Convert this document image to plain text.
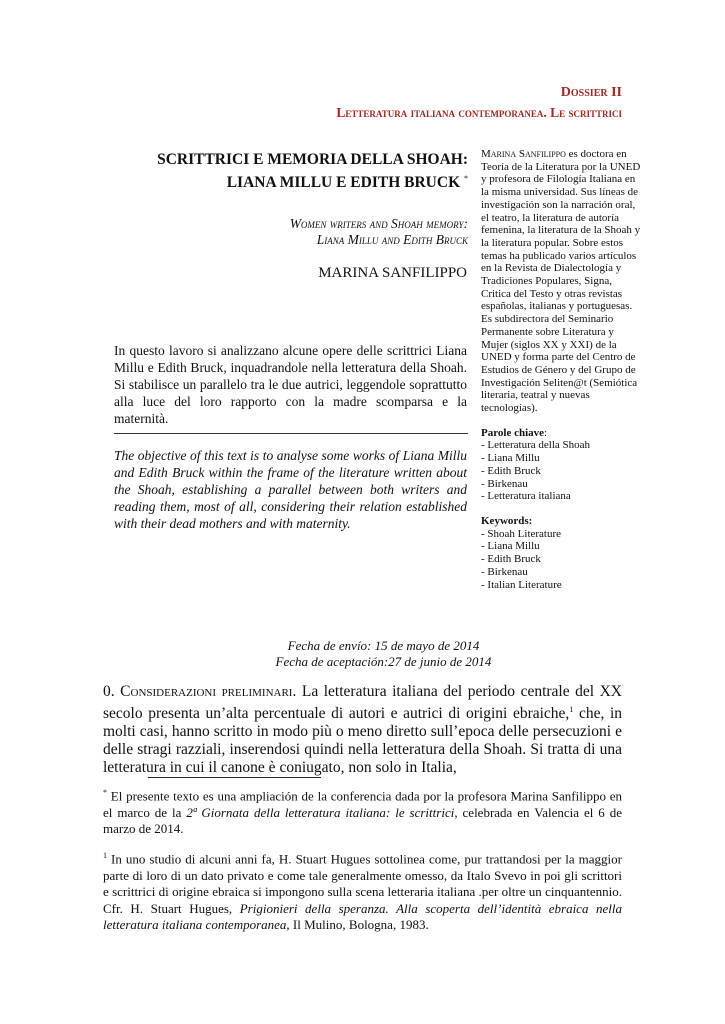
Dossier II
Letteratura italiana contemporanea. Le scrittrici
SCRITTRICI E MEMORIA DELLA SHOAH:
LIANA MILLU E EDITH BRUCK *
Women writers and Shoah memory:
Liana Millu and Edith Bruck
MARINA SANFILIPPO
In questo lavoro si analizzano alcune opere delle scrittrici Liana Millu e Edith Bruck, inquadrandole nella letteratura della Shoah. Si stabilisce un parallelo tra le due autrici, leggendole soprattutto alla luce del loro rapporto con la madre scomparsa e la maternità.
The objective of this text is to analyse some works of Liana Millu and Edith Bruck within the frame of the literature written about the Shoah, establishing a parallel between both writers and reading them, most of all, considering their relation established with their dead mothers and with maternity.

Marina Sanfilippo es doctora en Teoría de la Literatura por la UNED y profesora de Filología Italiana en la misma universidad. Sus líneas de investigación son la narración oral, el teatro, la literatura de autoría femenina, la literatura de la Shoah y la literatura popular. Sobre estos temas ha publicado varios artículos en la Revista de Dialectología y Tradiciones Populares, Signa, Critica del Testo y otras revistas españolas, italianas y portuguesas. Es subdirectora del Seminario Permanente sobre Literatura y Mujer (siglos XX y XXI) de la UNED y forma parte del Centro de Estudios de Género y del Grupo de Investigación Seliten@t (Semiótica literaria, teatral y nuevas tecnologías).

Parole chiave:
- Letteratura della Shoah
- Liana Millu
- Edith Bruck
- Birkenau
- Letteratura italiana
Keywords:
- Shoah Literature
- Liana Millu
- Edith Bruck
- Birkenau
- Italian Literature
Fecha de envío: 15 de mayo de 2014
Fecha de aceptación:27 de junio de 2014
0. Considerazioni preliminari. La letteratura italiana del periodo centrale del XX secolo presenta un’alta percentuale di autori e autrici di origini ebraiche,$^1$ che, in molti casi, hanno scritto in modo più o meno diretto sull’epoca delle persecuzioni e delle stragi razziali, inserendosi quindi nella letteratura della Shoah. Si tratta di una letteratura in cui il canone è coniugato, non solo in Italia,
* El presente texto es una ampliación de la conferencia dada por la profesora Marina Sanfilippo en el marco de la 2ª Giornata della letteratura italiana: le scrittrici, celebrada en Valencia el 6 de marzo de 2014.
$^1$ In uno studio di alcuni anni fa, H. Stuart Hugues sottolinea come, pur trattandosi per la maggior parte di loro di un dato privato e come tale generalmente omesso, da Italo Svevo in poi gli scrittori e scrittrici di origine ebraica si impongono sulla scena letteraria italiana .per oltre un cinquantennio. Cfr. H. Stuart Hugues, Prigionieri della speranza. Alla scoperta dell’identità ebraica nella letteratura italiana contemporanea, Il Mulino, Bologna, 1983.
